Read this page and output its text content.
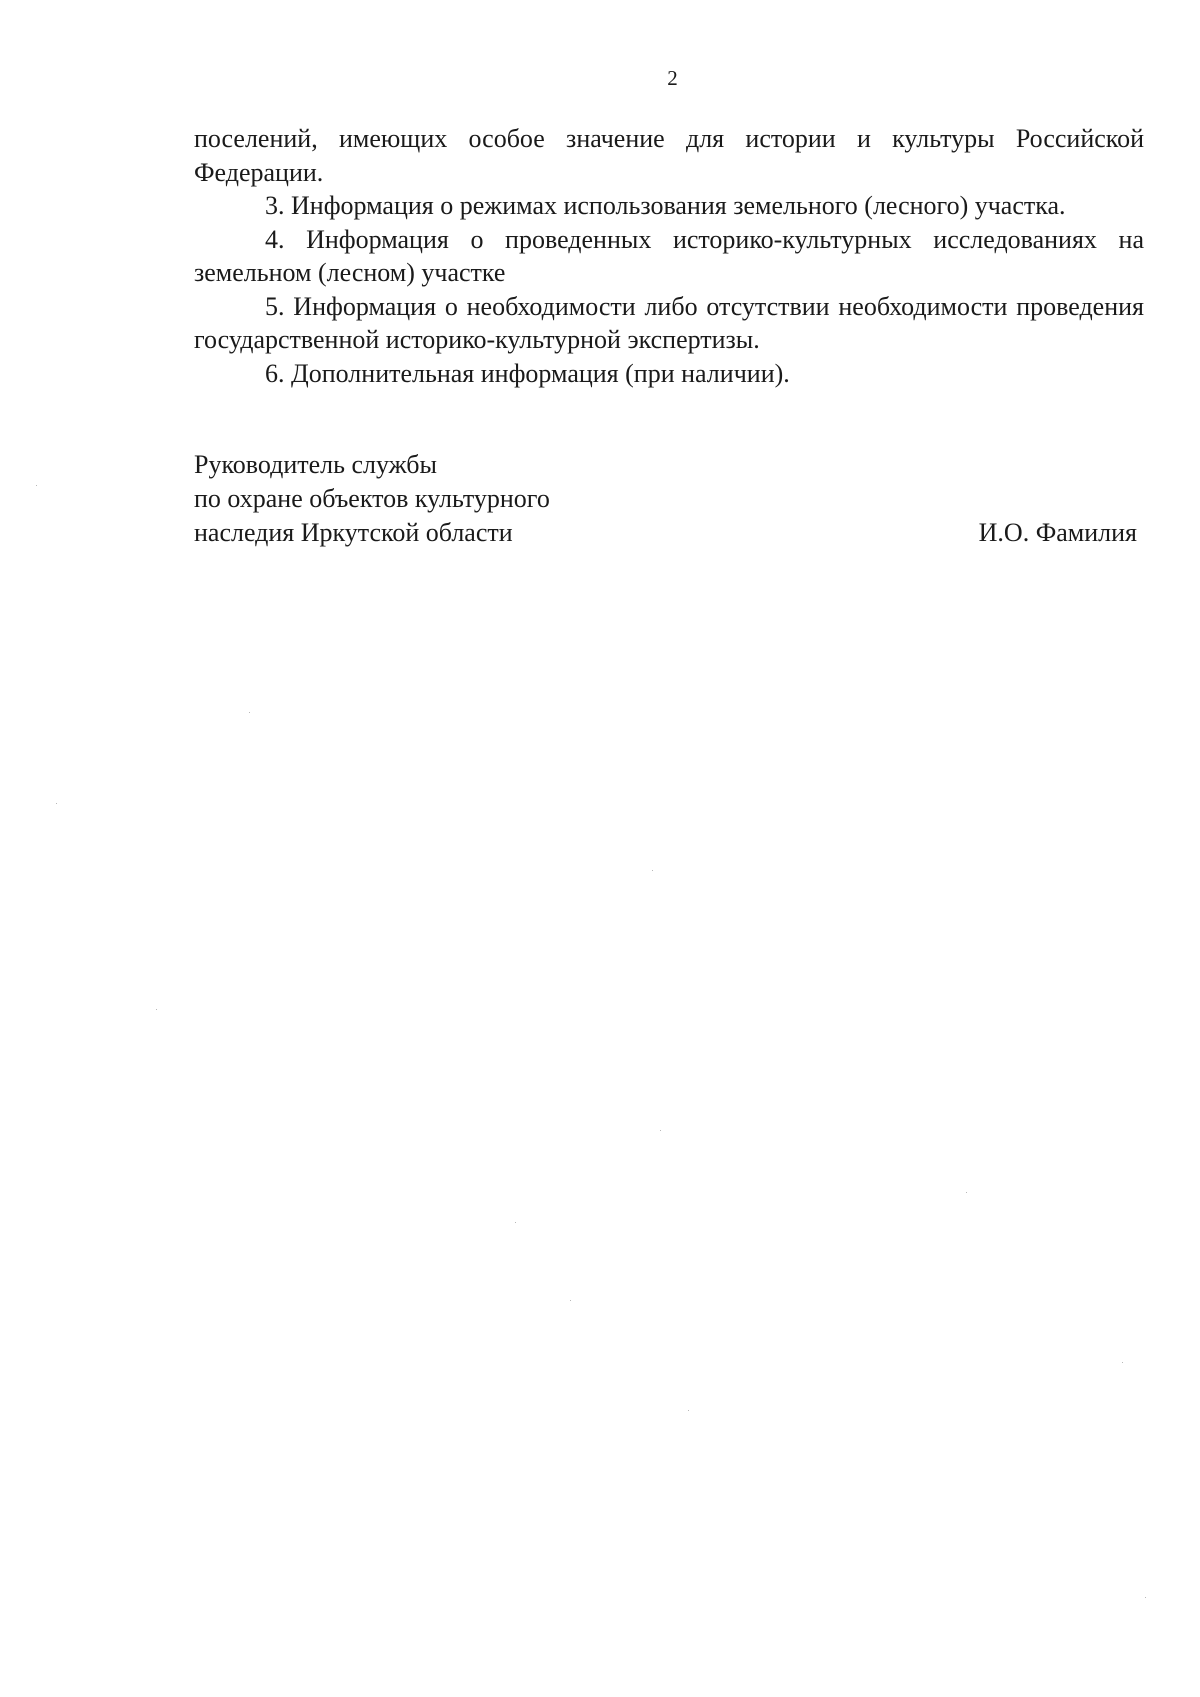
2

поселений, имеющих особое значение для истории и культуры Российской Федерации.

3. Информация о режимах использования земельного (лесного) участка.

4. Информация о проведенных историко-культурных исследованиях на земельном (лесном) участке

5. Информация о необходимости либо отсутствии необходимости проведения государственной историко-культурной экспертизы.

6. Дополнительная информация (при наличии).

Руководитель службы
по охране объектов культурного
наследия Иркутской области	И.О. Фамилия
